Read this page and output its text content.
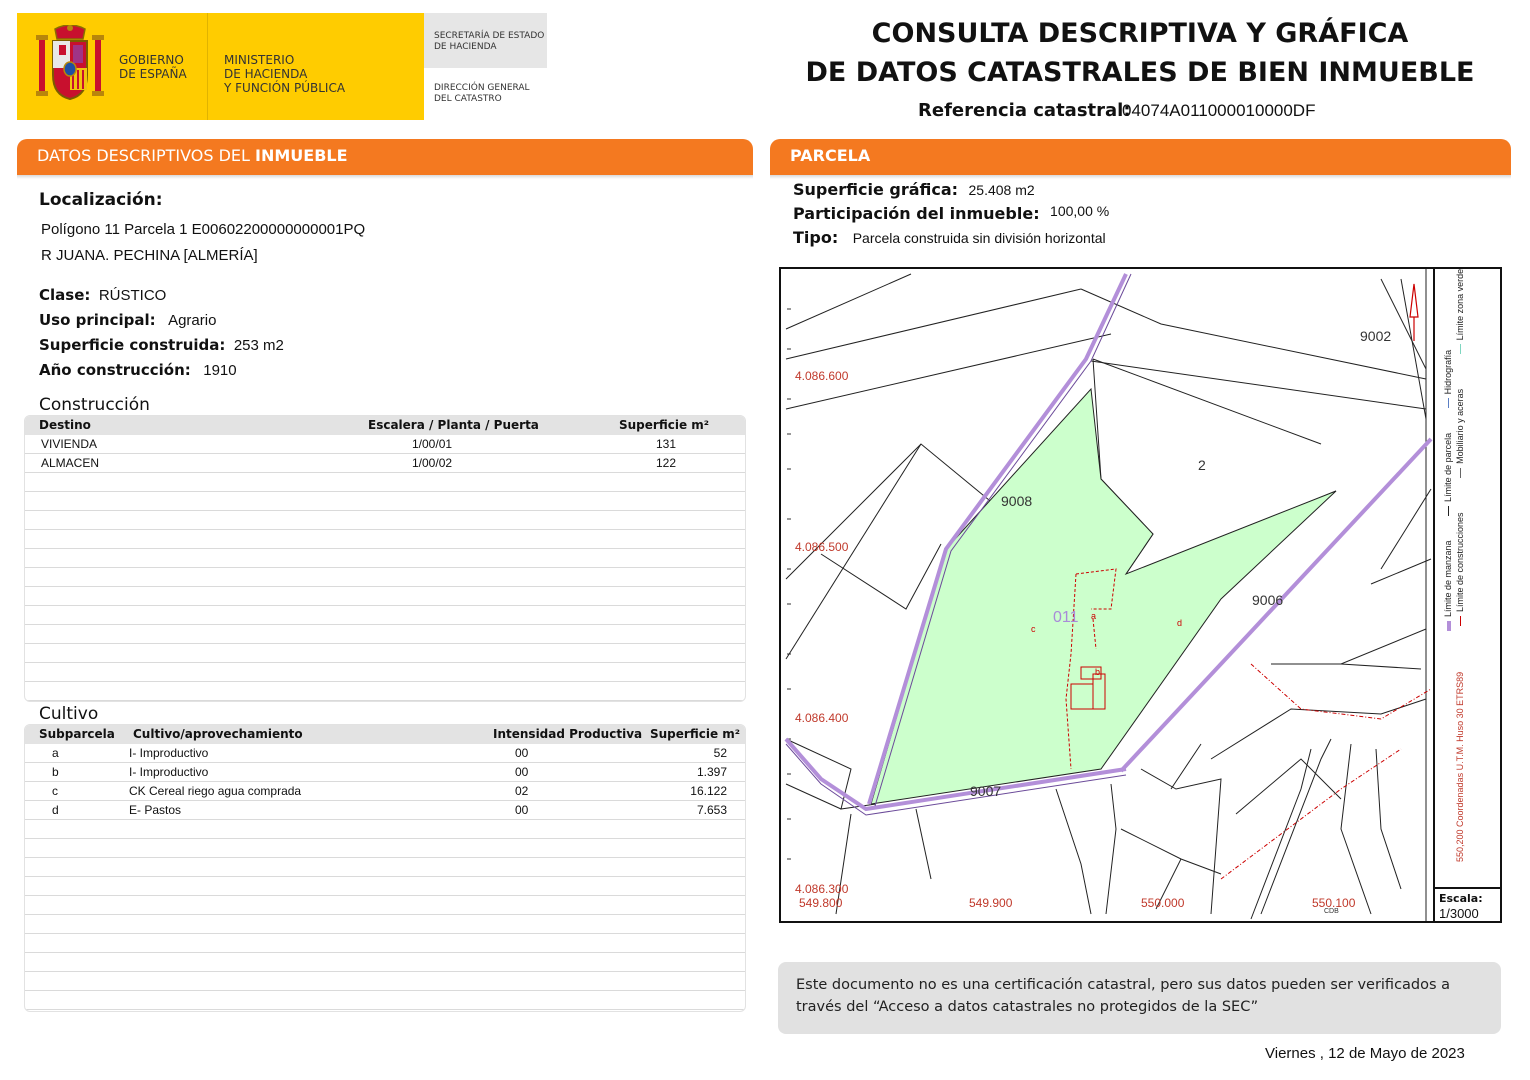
GOBIERNO
DE ESPAÑA
MINISTERIO
DE HACIENDA
Y FUNCIÓN PÚBLICA
SECRETARÍA DE ESTADO
DE HACIENDA
DIRECCIÓN GENERAL
DEL CATASTRO
CONSULTA DESCRIPTIVA Y GRÁFICA
DE DATOS CATASTRALES DE BIEN INMUEBLE
Referencia catastral:
04074A011000010000DF
DATOS DESCRIPTIVOS DEL INMUEBLE
Localización:
Polígono 11 Parcela 1 E00602200000000001PQ
R JUANA. PECHINA [ALMERÍA]
Clase: RÚSTICO
Uso principal: Agrario
Superficie construida: 253 m2
Año construcción: 1910
Construcción
Destino	Escalera / Planta / Puerta	Superficie m²
VIVIENDA	1/00/01	131
ALMACEN	1/00/02	122
Cultivo
Subparcela Cultivo/aprovechamiento	Intensidad Productiva Superficie m²
a	I- Improductivo	00	52
b	I- Improductivo	00	1.397
c	CK Cereal riego agua comprada	02	16.122
d	E- Pastos	00	7.653
PARCELA
Superficie gráfica: 25.408 m2
Participación del inmueble: 100,00 %
Tipo: Parcela construida sin división horizontal
4.086.600
4.086.500
4.086.400
4.086.300
549.800	549.900	550.000	550.100
9002
2
9008
9006
9007
011 a
b
c
d
CDB
Límite de manzana Límite de parcela Hidrografía
Límite de construcciones Mobiliario y aceras Límite zona verde
550,200 Coordenadas U.T.M. Huso 30 ETRS89
Escala:
1/3000
Este documento no es una certificación catastral, pero sus datos pueden ser verificados a través del “Acceso a datos catastrales no protegidos de la SEC”
Viernes , 12 de Mayo de 2023
